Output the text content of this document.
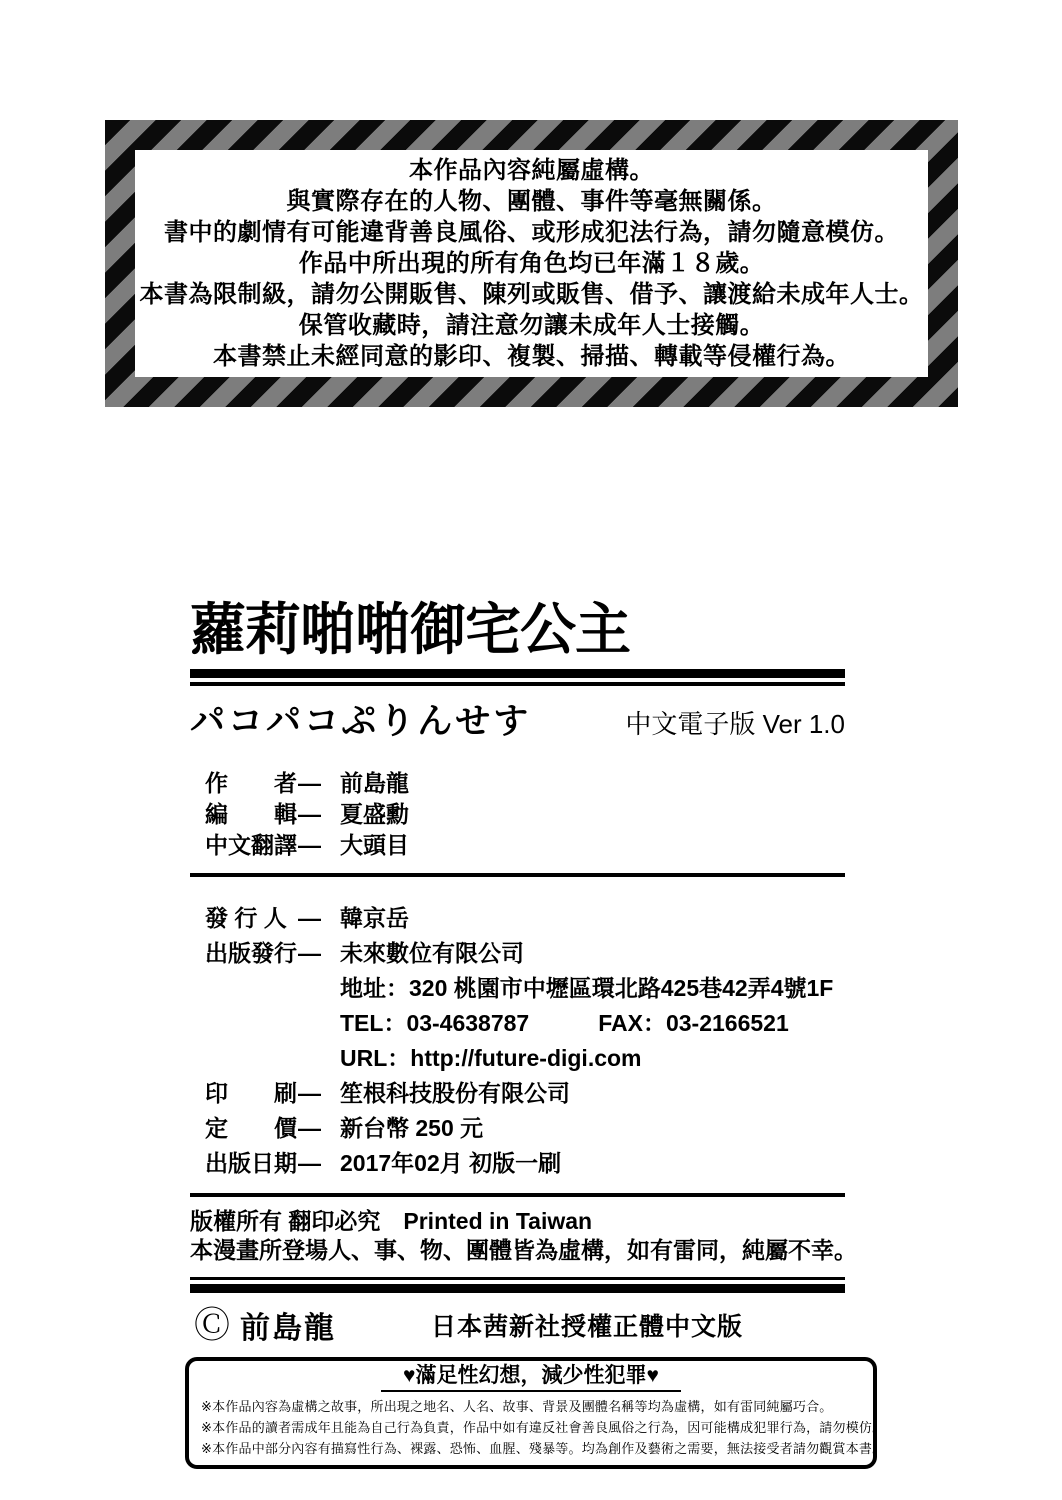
本作品內容純屬虛構。
與實際存在的人物、團體、事件等毫無關係。
書中的劇情有可能違背善良風俗、或形成犯法行為，請勿隨意模仿。
作品中所出現的所有角色均已年滿１８歲。
本書為限制級，請勿公開販售、陳列或販售、借予、讓渡給未成年人士。
保管收藏時，請注意勿讓未成年人士接觸。
本書禁止未經同意的影印、複製、掃描、轉載等侵權行為。
蘿莉啪啪御宅公主
パコパコぷりんせす	中文電子版 Ver 1.0
作　　者— 前島龍
編　　輯— 夏盛勳
中文翻譯— 大頭目
發 行 人 — 韓京岳
出版發行— 未來數位有限公司
地址：320 桃園市中壢區環北路425巷42弄4號1F
TEL：03-4638787　　　FAX：03-2166521
URL：http://future-digi.com
印　　刷— 笙根科技股份有限公司
定　　價— 新台幣 250 元
出版日期— 2017年02月 初版一刷
版權所有 翻印必究　Printed in Taiwan
本漫畫所登場人、事、物、團體皆為虛構，如有雷同，純屬不幸。
Ⓒ 前島龍	日本茜新社授權正體中文版
♥滿足性幻想，減少性犯罪♥
※本作品內容為虛構之故事，所出現之地名、人名、故事、背景及團體名稱等均為虛構，如有雷同純屬巧合。
※本作品的讀者需成年且能為自己行為負責，作品中如有違反社會善良風俗之行為，因可能構成犯罪行為，請勿模仿。
※本作品中部分內容有描寫性行為、裸露、恐怖、血腥、殘暴等。均為創作及藝術之需要，無法接受者請勿觀賞本書。
